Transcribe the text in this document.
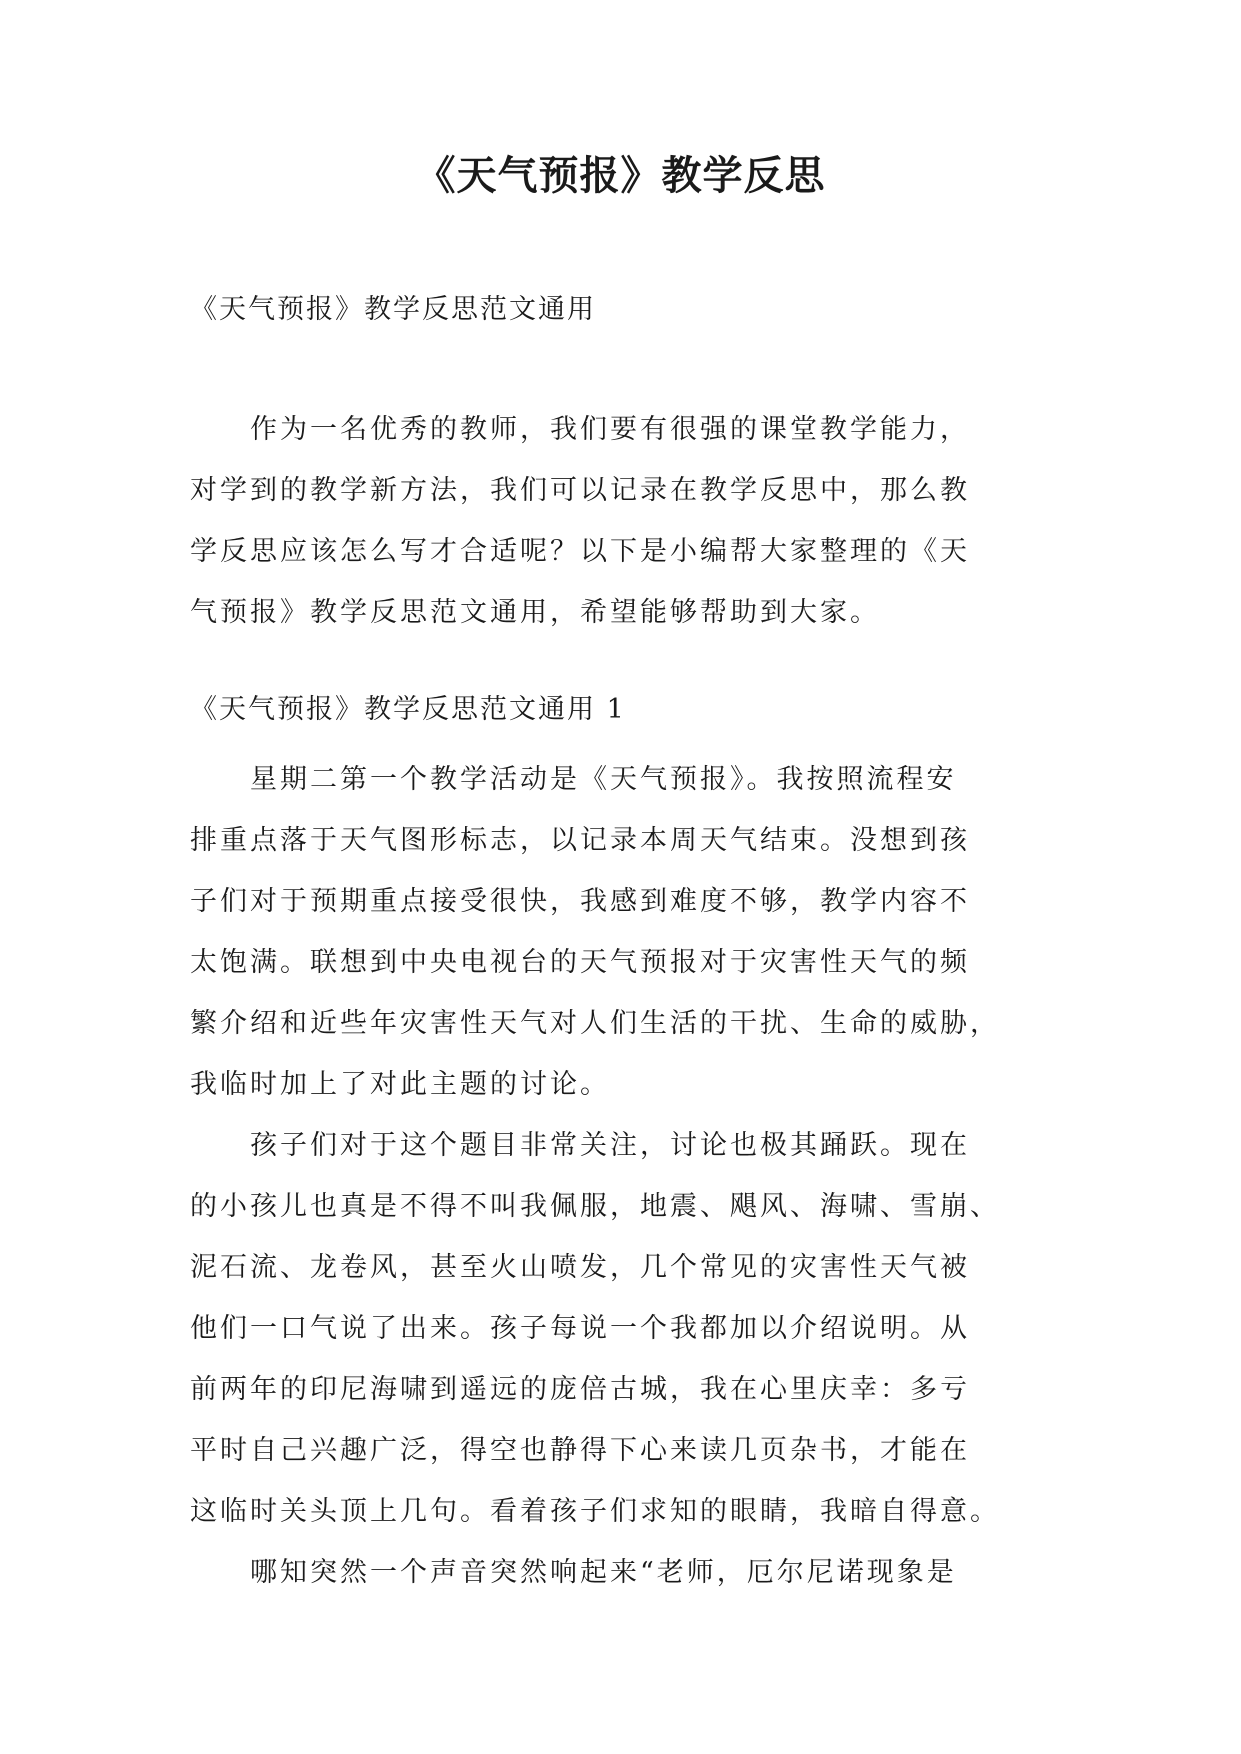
《天气预报》教学反思
《天气预报》教学反思范文通用
　　作为一名优秀的教师，我们要有很强的课堂教学能力，
对学到的教学新方法，我们可以记录在教学反思中，那么教
学反思应该怎么写才合适呢？以下是小编帮大家整理的《天
气预报》教学反思范文通用，希望能够帮助到大家。
《天气预报》教学反思范文通用 1
　　星期二第一个教学活动是《天气预报》。我按照流程安
排重点落于天气图形标志，以记录本周天气结束。没想到孩
子们对于预期重点接受很快，我感到难度不够，教学内容不
太饱满。联想到中央电视台的天气预报对于灾害性天气的频
繁介绍和近些年灾害性天气对人们生活的干扰、生命的威胁，
我临时加上了对此主题的讨论。
　　孩子们对于这个题目非常关注，讨论也极其踊跃。现在
的小孩儿也真是不得不叫我佩服，地震、飓风、海啸、雪崩、
泥石流、龙卷风，甚至火山喷发，几个常见的灾害性天气被
他们一口气说了出来。孩子每说一个我都加以介绍说明。从
前两年的印尼海啸到遥远的庞倍古城，我在心里庆幸：多亏
平时自己兴趣广泛，得空也静得下心来读几页杂书，才能在
这临时关头顶上几句。看着孩子们求知的眼睛，我暗自得意。
　　哪知突然一个声音突然响起来“老师，厄尔尼诺现象是
